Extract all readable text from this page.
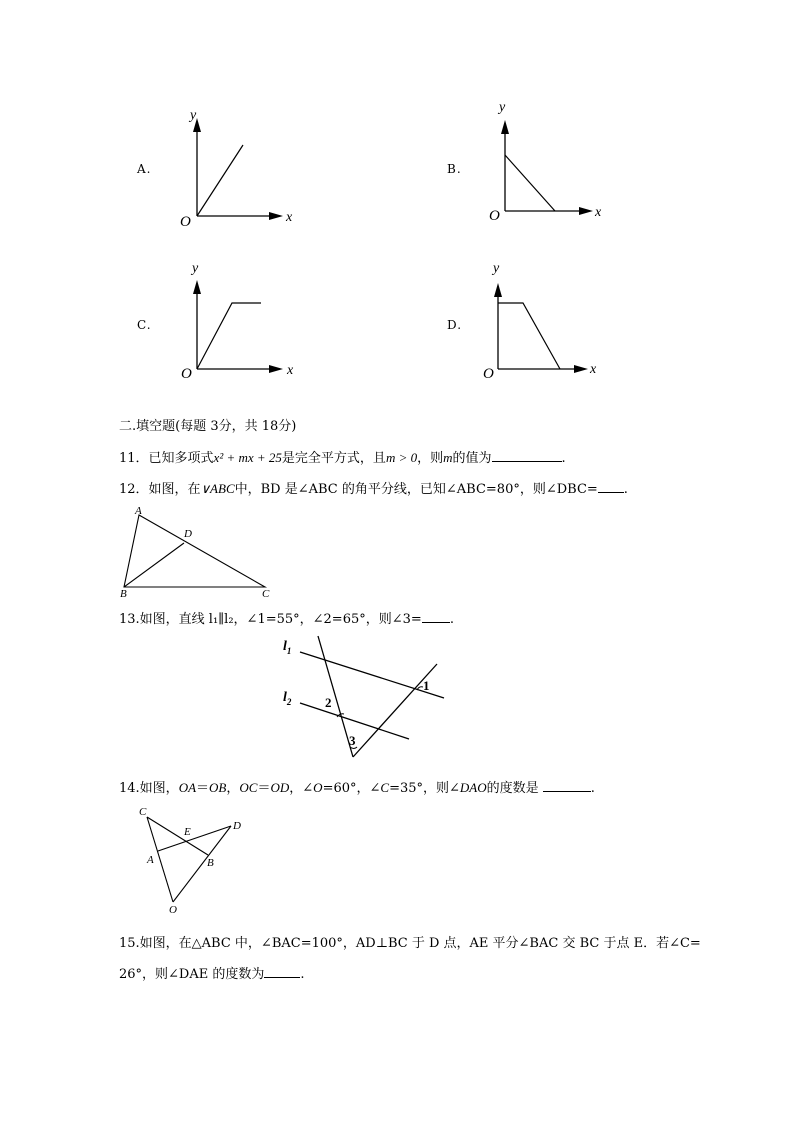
A.
y
x
O
B.
y
x
O
C.
y
x
O
D.
y
x
O
二.填空题(每题 3分，共 18分)
11．已知多项式x² + mx + 25是完全平方式，且m > 0，则m的值为	.
12．如图，在∨ABC中，BD 是∠ABC 的角平分线，已知∠ABC=80°，则∠DBC= .
A
D
B	C
13.如图，直线 l₁∥l₂，∠1=55°，∠2=65°，则∠3= .
$l_1$
$l_2$
1
2
3
14.如图，OA＝OB，OC＝OD，∠O=60°，∠C=35°，则∠DAO的度数是	.
C
D
E
A	B
O
15.如图，在△ABC 中，∠BAC=100°，AD⊥BC 于 D 点，AE 平分∠BAC 交 BC 于点 E．若∠C=
26°，则∠DAE 的度数为	.
